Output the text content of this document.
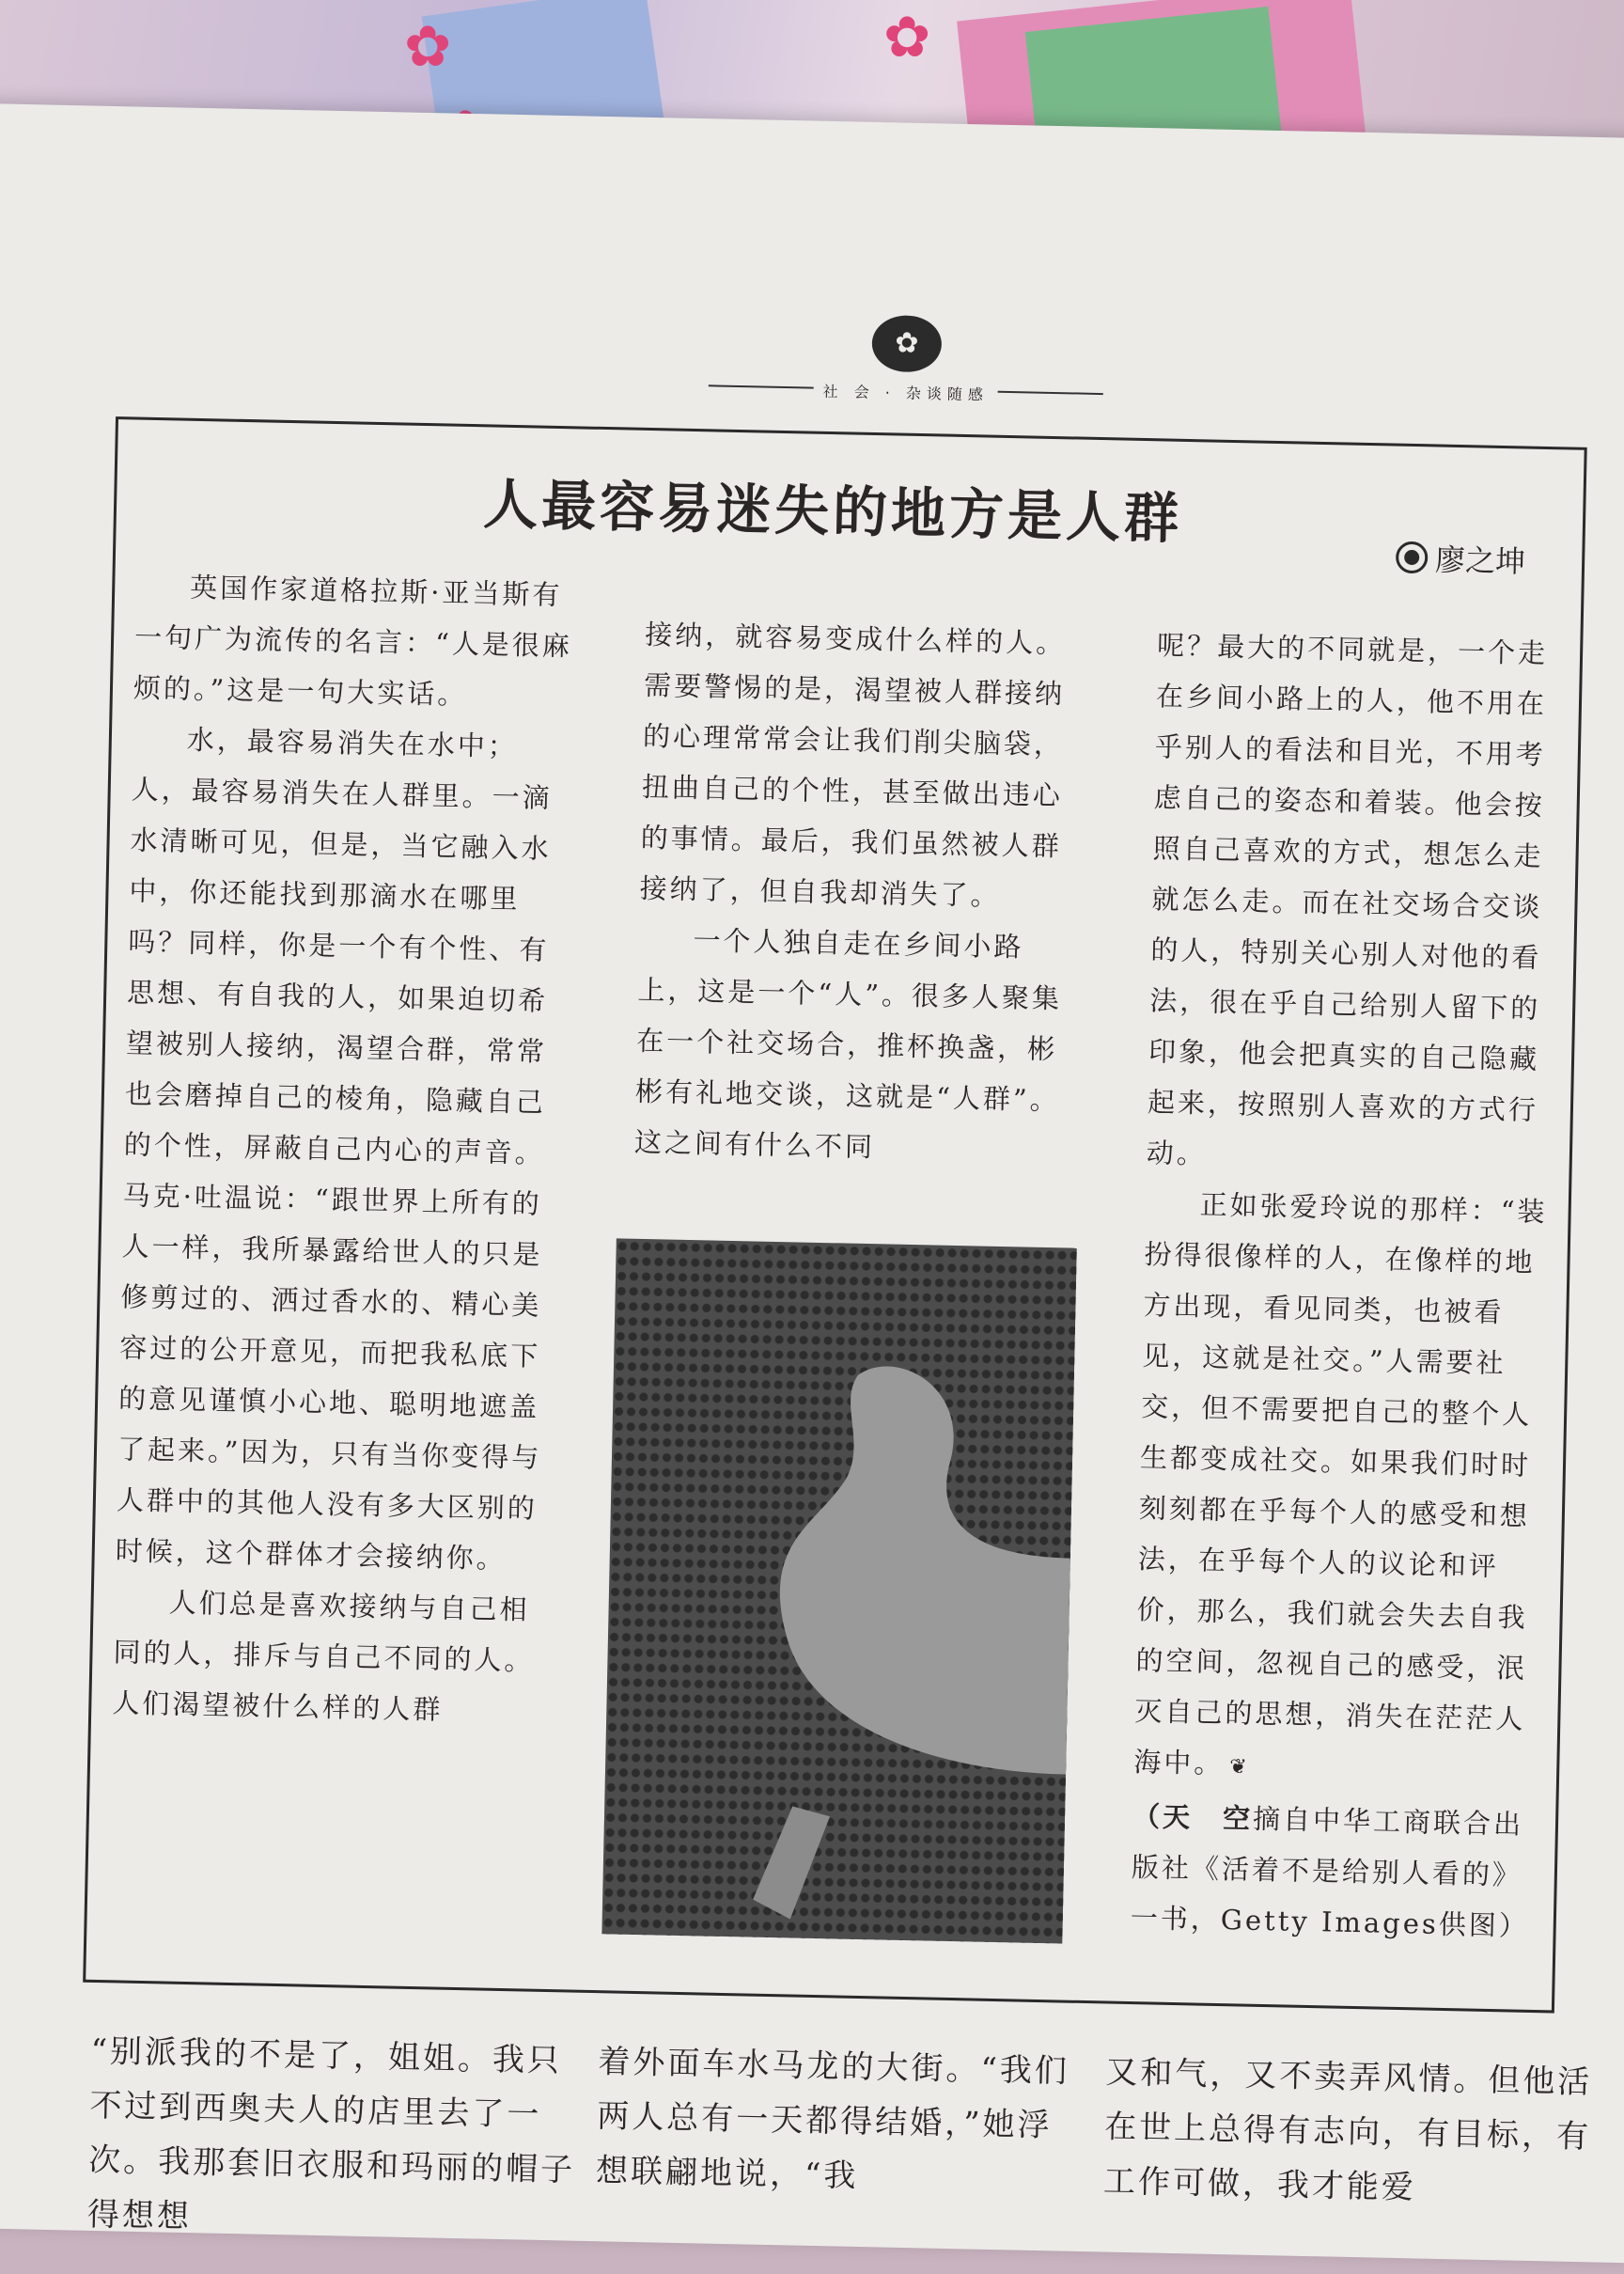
✿	✿
✿
社 会 · 杂谈随感
人最容易迷失的地方是人群
廖之坤

英国作家道格拉斯·亚当斯有一句广为流传的名言：“人是很麻烦的。”这是一句大实话。

水，最容易消失在水中；人，最容易消失在人群里。一滴水清晰可见，但是，当它融入水中，你还能找到那滴水在哪里吗？同样，你是一个有个性、有思想、有自我的人，如果迫切希望被别人接纳，渴望合群，常常也会磨掉自己的棱角，隐藏自己的个性，屏蔽自己内心的声音。马克·吐温说：“跟世界上所有的人一样，我所暴露给世人的只是修剪过的、洒过香水的、精心美容过的公开意见，而把我私底下的意见谨慎小心地、聪明地遮盖了起来。”因为，只有当你变得与人群中的其他人没有多大区别的时候，这个群体才会接纳你。

人们总是喜欢接纳与自己相同的人，排斥与自己不同的人。人们渴望被什么样的人群

接纳，就容易变成什么样的人。需要警惕的是，渴望被人群接纳的心理常常会让我们削尖脑袋，扭曲自己的个性，甚至做出违心的事情。最后，我们虽然被人群接纳了，但自我却消失了。

一个人独自走在乡间小路上，这是一个“人”。很多人聚集在一个社交场合，推杯换盏，彬彬有礼地交谈，这就是“人群”。这之间有什么不同

呢？最大的不同就是，一个走在乡间小路上的人，他不用在乎别人的看法和目光，不用考虑自己的姿态和着装。他会按照自己喜欢的方式，想怎么走就怎么走。而在社交场合交谈的人，特别关心别人对他的看法，很在乎自己给别人留下的印象，他会把真实的自己隐藏起来，按照别人喜欢的方式行动。

正如张爱玲说的那样：“装扮得很像样的人，在像样的地方出现，看见同类，也被看见，这就是社交。”人需要社交，但不需要把自己的整个人生都变成社交。如果我们时时刻刻都在乎每个人的感受和想法，在乎每个人的议论和评价，那么，我们就会失去自我的空间，忽视自己的感受，泯灭自己的思想，消失在茫茫人海中。 ❦

（天　空摘自中华工商联合出版社《活着不是给别人看的》一书，Getty Images供图）

“别派我的不是了，姐姐。我只不过到西奥夫人的店里去了一次。我那套旧衣服和玛丽的帽子得想想

着外面车水马龙的大街。“我们两人总有一天都得结婚，”她浮想联翩地说，“我

又和气，又不卖弄风情。但他活在世上总得有志向，有目标，有工作可做，我才能爱
